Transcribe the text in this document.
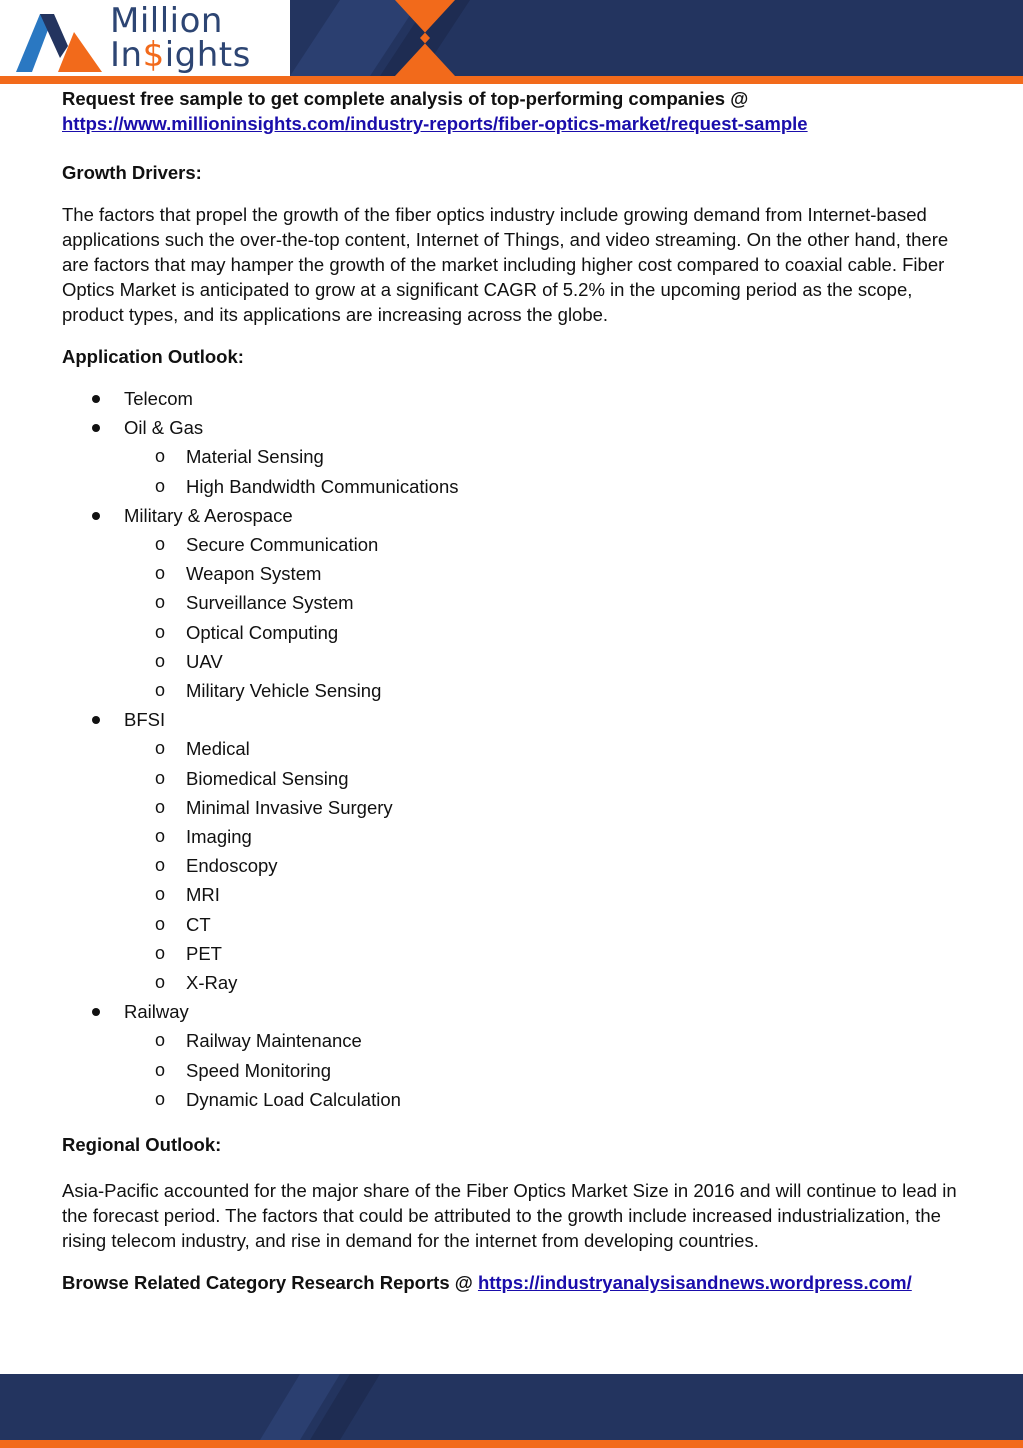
Million
In$ights

Request free sample to get complete analysis of top-performing companies @

https://www.millioninsights.com/industry-reports/fiber-optics-market/request-sample

Growth Drivers:

The factors that propel the growth of the fiber optics industry include growing demand from Internet-based applications such the over-the-top content, Internet of Things, and video streaming. On the other hand, there are factors that may hamper the growth of the market including higher cost compared to coaxial cable. Fiber Optics Market is anticipated to grow at a significant CAGR of 5.2% in the upcoming period as the scope, product types, and its applications are increasing across the globe.

Application Outlook:

Telecom
Oil & Gas
o Material Sensing
o High Bandwidth Communications
Military & Aerospace
o Secure Communication
o Weapon System
o Surveillance System
o Optical Computing
o UAV
o Military Vehicle Sensing
BFSI
o Medical
o Biomedical Sensing
o Minimal Invasive Surgery
o Imaging
o Endoscopy
o MRI
o CT
o PET
o X-Ray
Railway
o Railway Maintenance
o Speed Monitoring
o Dynamic Load Calculation

Regional Outlook:

Asia-Pacific accounted for the major share of the Fiber Optics Market Size in 2016 and will continue to lead in the forecast period. The factors that could be attributed to the growth include increased industrialization, the rising telecom industry, and rise in demand for the internet from developing countries.

Browse Related Category Research Reports @ https://industryanalysisandnews.wordpress.com/
